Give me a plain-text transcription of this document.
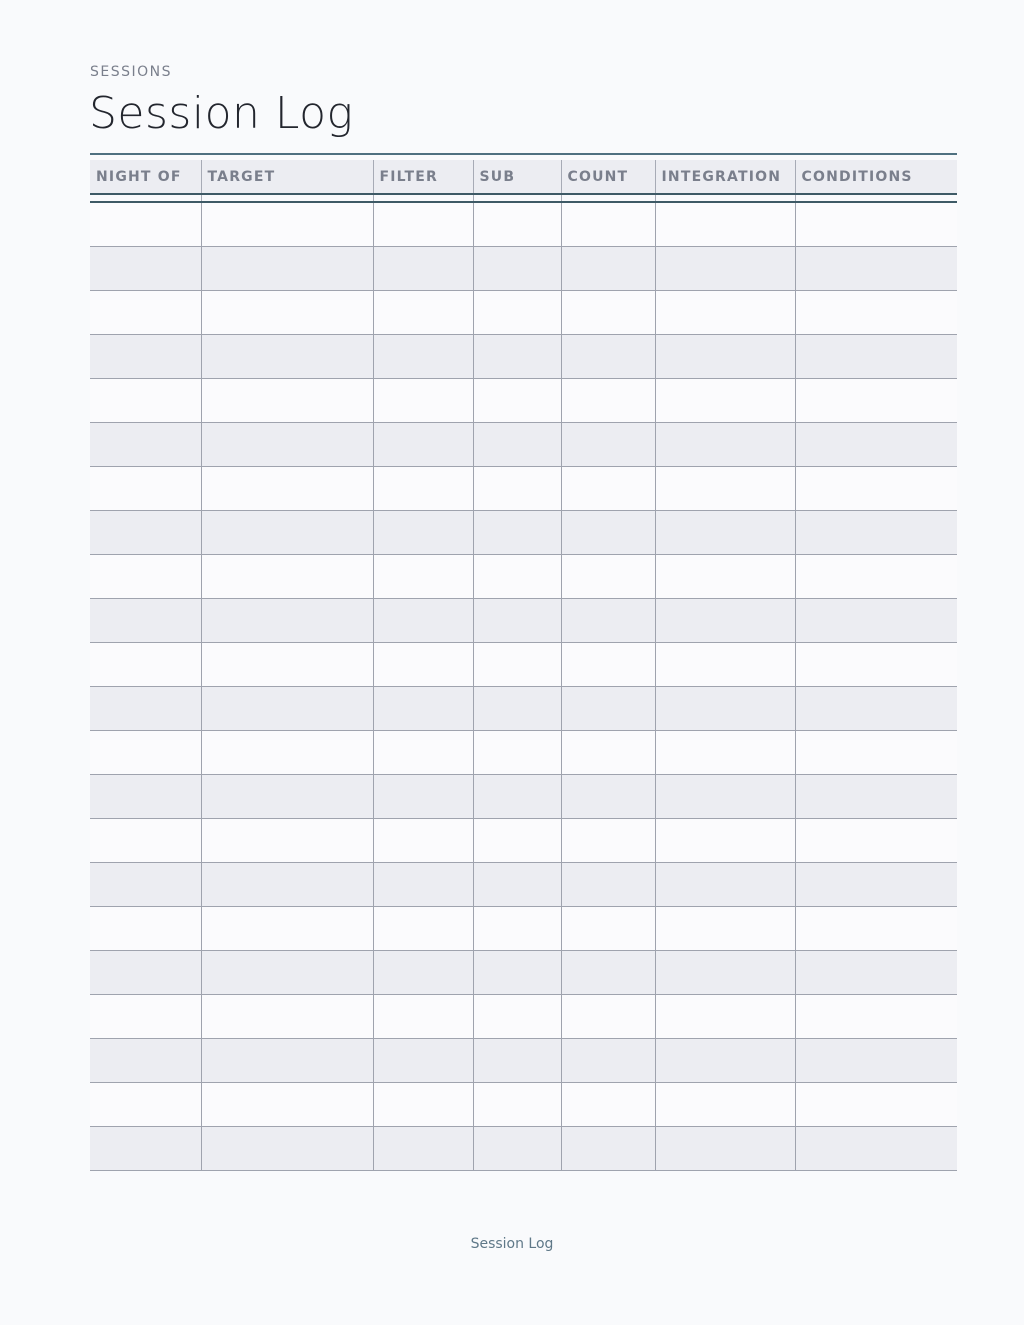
SESSIONS
Session Log
NIGHT OF	TARGET	FILTER	SUB	COUNT	INTEGRATION	CONDITIONS

Session Log
